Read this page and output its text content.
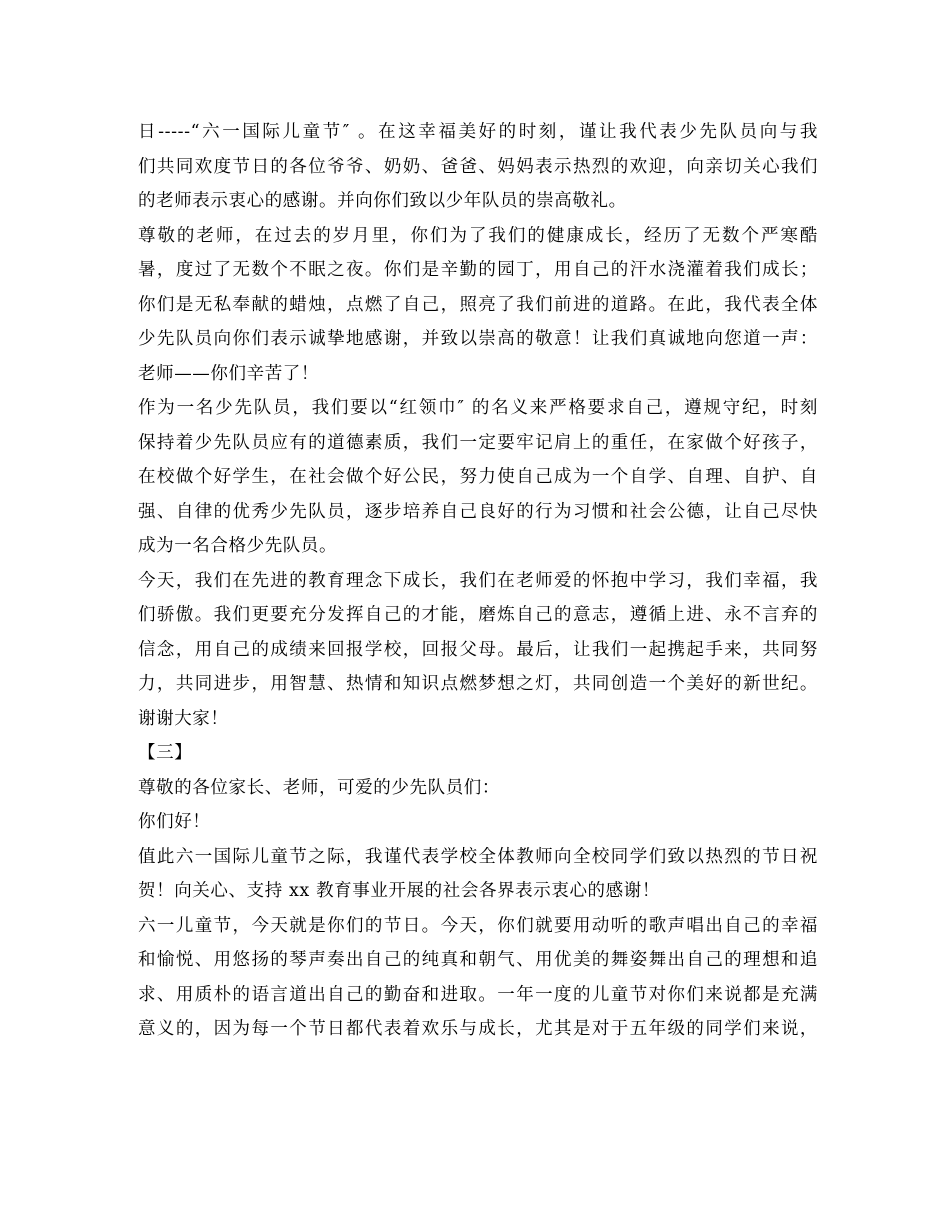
日-----“六一国际儿童节″ 。在这幸福美好的时刻，谨让我代表少先队员向与我
们共同欢度节日的各位爷爷、奶奶、爸爸、妈妈表示热烈的欢迎，向亲切关心我们
的老师表示衷心的感谢。并向你们致以少年队员的崇高敬礼。
尊敬的老师，在过去的岁月里，你们为了我们的健康成长，经历了无数个严寒酷
暑，度过了无数个不眠之夜。你们是辛勤的园丁，用自己的汗水浇灌着我们成长；
你们是无私奉献的蜡烛，点燃了自己，照亮了我们前进的道路。在此，我代表全体
少先队员向你们表示诚挚地感谢，并致以崇高的敬意！让我们真诚地向您道一声：
老师——你们辛苦了！
作为一名少先队员，我们要以“红领巾″ 的名义来严格要求自己，遵规守纪，时刻
保持着少先队员应有的道德素质，我们一定要牢记肩上的重任，在家做个好孩子，
在校做个好学生，在社会做个好公民，努力使自己成为一个自学、自理、自护、自
强、自律的优秀少先队员，逐步培养自己良好的行为习惯和社会公德，让自己尽快
成为一名合格少先队员。
今天，我们在先进的教育理念下成长，我们在老师爱的怀抱中学习，我们幸福，我
们骄傲。我们更要充分发挥自己的才能，磨炼自己的意志，遵循上进、永不言弃的
信念，用自己的成绩来回报学校，回报父母。最后，让我们一起携起手来，共同努
力，共同进步，用智慧、热情和知识点燃梦想之灯，共同创造一个美好的新世纪。
谢谢大家！
【三】
尊敬的各位家长、老师，可爱的少先队员们：
你们好！
值此六一国际儿童节之际，我谨代表学校全体教师向全校同学们致以热烈的节日祝
贺！向关心、支持 xx 教育事业开展的社会各界表示衷心的感谢！
六一儿童节，今天就是你们的节日。今天，你们就要用动听的歌声唱出自己的幸福
和愉悦、用悠扬的琴声奏出自己的纯真和朝气、用优美的舞姿舞出自己的理想和追
求、用质朴的语言道出自己的勤奋和进取。一年一度的儿童节对你们来说都是充满
意义的，因为每一个节日都代表着欢乐与成长，尤其是对于五年级的同学们来说，
